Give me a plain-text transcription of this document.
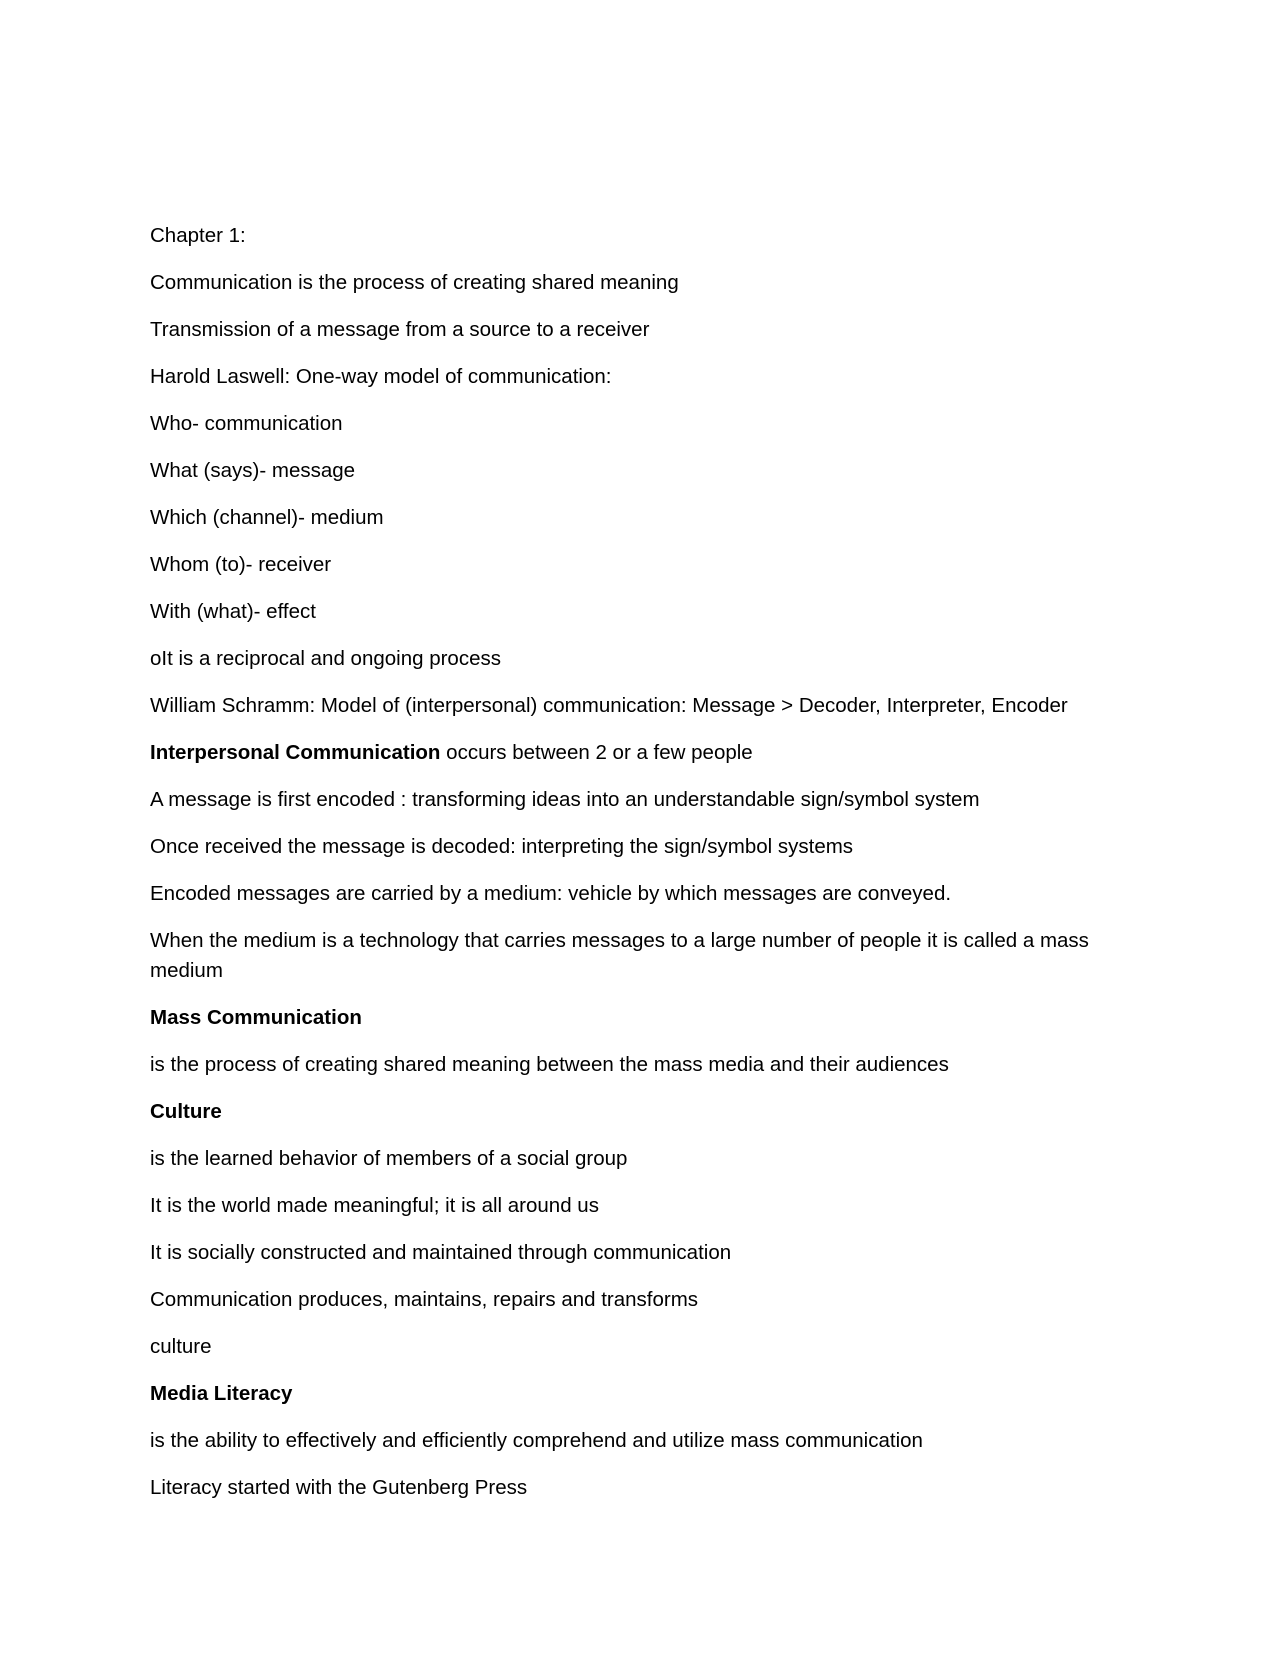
Chapter 1:

Communication is the process of creating shared meaning

Transmission of a message from a source to a receiver

Harold Laswell: One-way model of communication:

Who- communication

What (says)- message

Which (channel)- medium

Whom (to)- receiver

With (what)- effect

oIt is a reciprocal and ongoing process

William Schramm: Model of (interpersonal) communication: Message > Decoder, Interpreter, Encoder

Interpersonal Communication occurs between 2 or a few people

A message is first encoded : transforming ideas into an understandable sign/symbol system

Once received the message is decoded: interpreting the sign/symbol systems

Encoded messages are carried by a medium: vehicle by which messages are conveyed.

When the medium is a technology that carries messages to a large number of people it is called a mass medium

Mass Communication

is the process of creating shared meaning between the mass media and their audiences

Culture

is the learned behavior of members of a social group

It is the world made meaningful; it is all around us

It is socially constructed and maintained through communication

Communication produces, maintains, repairs and transforms

culture

Media Literacy

is the ability to effectively and efficiently comprehend and utilize mass communication

Literacy started with the Gutenberg Press
